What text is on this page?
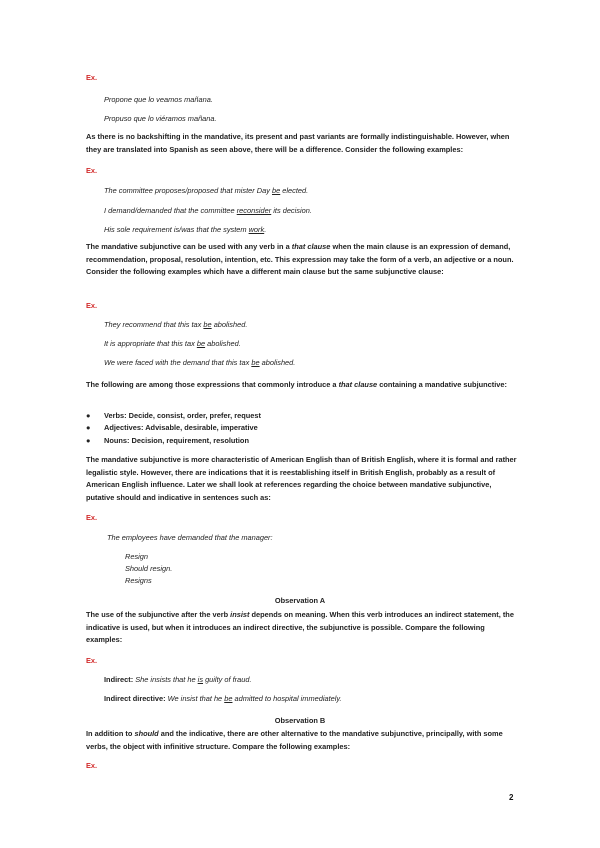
Ex.
Propone que lo veamos mañana.
Propuso que lo viéramos mañana.
As there is no backshifting in the mandative, its present and past variants are formally indistinguishable. However, when they are translated into Spanish as seen above, there will be a difference. Consider the following examples:
Ex.
The committee proposes/proposed that mister Day be elected.
I demand/demanded that the committee reconsider its decision.
His sole requirement is/was that the system work.
The mandative subjunctive can be used with any verb in a that clause when the main clause is an expression of demand, recommendation, proposal, resolution, intention, etc. This expression may take the form of a verb, an adjective or a noun. Consider the following examples which have a different main clause but the same subjunctive clause:
Ex.
They recommend that this tax be abolished.
It is appropriate that this tax be abolished.
We were faced with the demand that this tax be abolished.
The following are among those expressions that commonly introduce a that clause containing a mandative subjunctive:
● Verbs: Decide, consist, order, prefer, request
● Adjectives: Advisable, desirable, imperative
● Nouns: Decision, requirement, resolution
The mandative subjunctive is more characteristic of American English than of British English, where it is formal and rather legalistic style. However, there are indications that it is reestablishing itself in British English, probably as a result of American English influence. Later we shall look at references regarding the choice between mandative subjunctive, putative should and indicative in sentences such as:
Ex.
The employees have demanded that the manager:
Resign
Should resign.
Resigns
Observation A
The use of the subjunctive after the verb insist depends on meaning. When this verb introduces an indirect statement, the indicative is used, but when it introduces an indirect directive, the subjunctive is possible. Compare the following examples:
Ex.
Indirect: She insists that he is guilty of fraud.
Indirect directive: We insist that he be admitted to hospital immediately.
Observation B
In addition to should and the indicative, there are other alternative to the mandative subjunctive, principally, with some verbs, the object with infinitive structure. Compare the following examples:
Ex.
2
